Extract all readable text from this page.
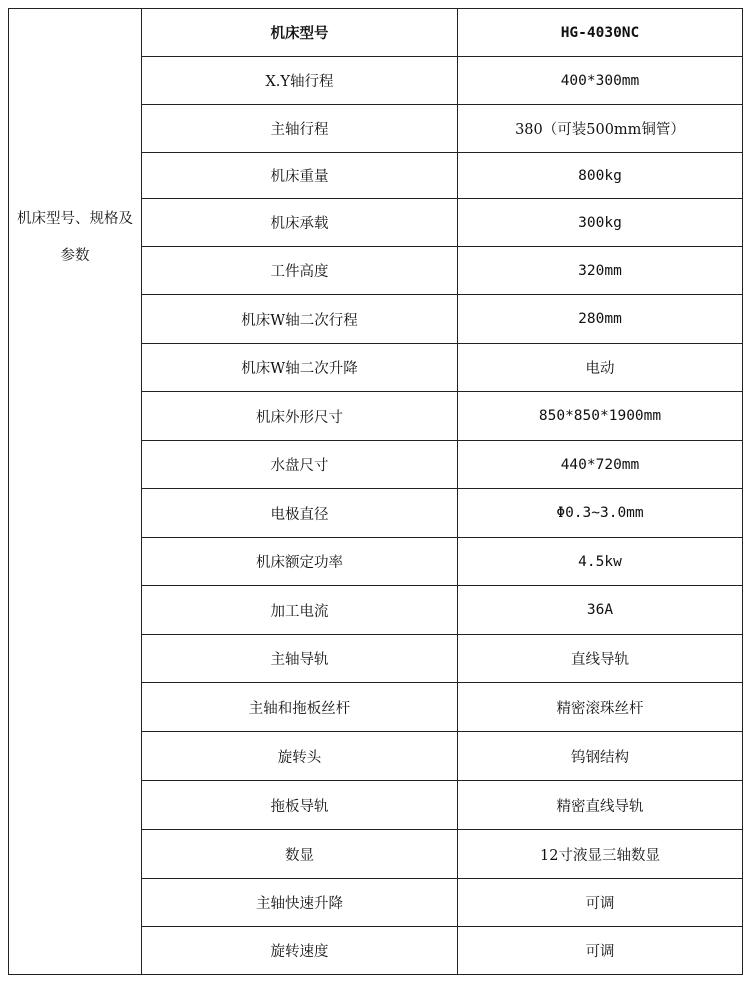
机床型号、规格及参数	机床型号	HG-4030NC
	X.Y轴行程	400*300mm
	主轴行程	380（可装500mm铜管）
	机床重量	800kg
	机床承载	300kg
	工件高度	320mm
	机床W轴二次行程	280mm
	机床W轴二次升降	电动
	机床外形尺寸	850*850*1900mm
	水盘尺寸	440*720mm
	电极直径	Φ0.3~3.0mm
	机床额定功率	4.5kw
	加工电流	36A
	主轴导轨	直线导轨
	主轴和拖板丝杆	精密滚珠丝杆
	旋转头	钨钢结构
	拖板导轨	精密直线导轨
	数显	12寸液显三轴数显
	主轴快速升降	可调
	旋转速度	可调
